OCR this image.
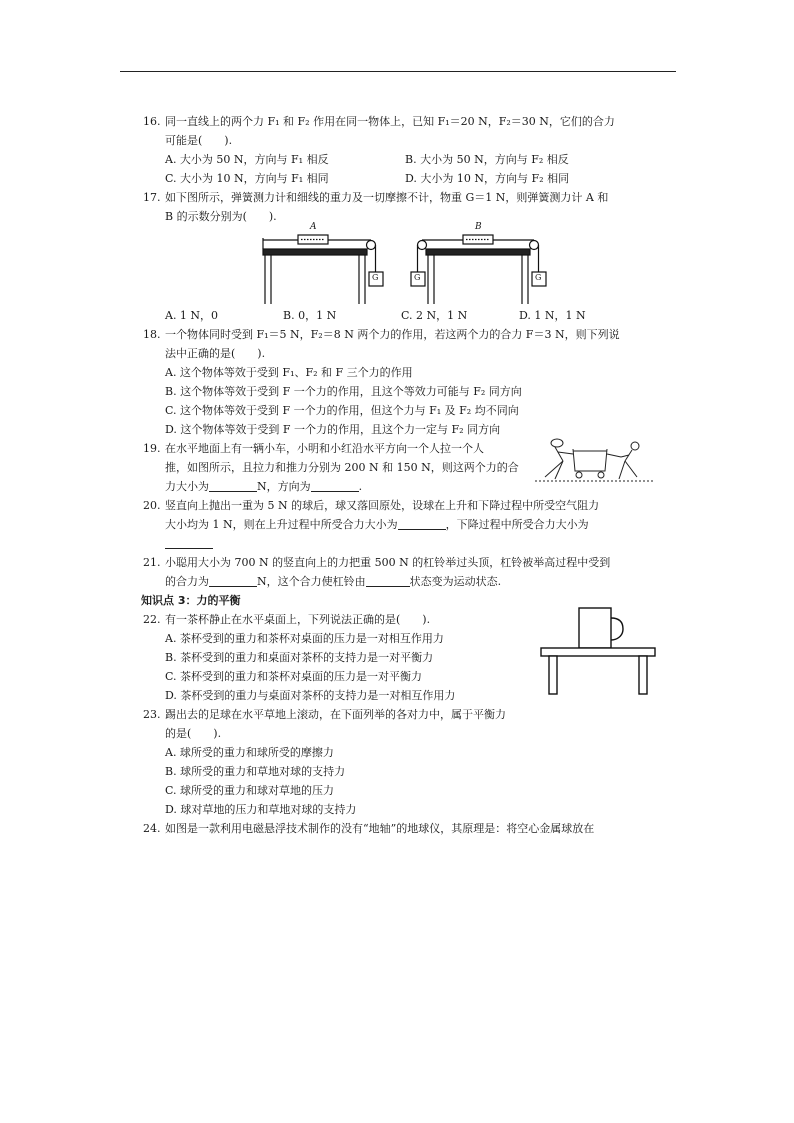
16. 同一直线上的两个力 F₁ 和 F₂ 作用在同一物体上，已知 F₁＝20 N，F₂＝30 N，它们的合力
可能是(　　).
A. 大小为 50 N，方向与 F₁ 相反	B. 大小为 50 N，方向与 F₂ 相反
C. 大小为 10 N，方向与 F₁ 相同	D. 大小为 10 N，方向与 F₂ 相同
17. 如下图所示，弹簧测力计和细线的重力及一切摩擦不计，物重 G＝1 N，则弹簧测力计 A 和
B 的示数分别为(　　).
A	B
G	G	G
A. 1 N，0	B. 0，1 N	C. 2 N，1 N	D. 1 N，1 N
18. 一个物体同时受到 F₁＝5 N，F₂＝8 N 两个力的作用，若这两个力的合力 F＝3 N，则下列说
法中正确的是(　　).
A. 这个物体等效于受到 F₁、F₂ 和 F 三个力的作用
B. 这个物体等效于受到 F 一个力的作用，且这个等效力可能与 F₂ 同方向
C. 这个物体等效于受到 F 一个力的作用，但这个力与 F₁ 及 F₂ 均不同向
D. 这个物体等效于受到 F 一个力的作用，且这个力一定与 F₂ 同方向
19. 在水平地面上有一辆小车，小明和小红沿水平方向一个人拉一个人
推，如图所示，且拉力和推力分别为 200 N 和 150 N，则这两个力的合
力大小为	N，方向为	.
20. 竖直向上抛出一重为 5 N 的球后，球又落回原处，设球在上升和下降过程中所受空气阻力
大小均为 1 N，则在上升过程中所受合力大小为	，下降过程中所受合力大小为
21. 小聪用大小为 700 N 的竖直向上的力把重 500 N 的杠铃举过头顶，杠铃被举高过程中受到
的合力为	N，这个合力使杠铃由	状态变为运动状态.
知识点 3：力的平衡
22. 有一茶杯静止在水平桌面上，下列说法正确的是(　　).
A. 茶杯受到的重力和茶杯对桌面的压力是一对相互作用力
B. 茶杯受到的重力和桌面对茶杯的支持力是一对平衡力
C. 茶杯受到的重力和茶杯对桌面的压力是一对平衡力
D. 茶杯受到的重力与桌面对茶杯的支持力是一对相互作用力
23. 踢出去的足球在水平草地上滚动，在下面列举的各对力中，属于平衡力
的是(　　).
A. 球所受的重力和球所受的摩擦力
B. 球所受的重力和草地对球的支持力
C. 球所受的重力和球对草地的压力
D. 球对草地的压力和草地对球的支持力
24. 如图是一款利用电磁悬浮技术制作的没有“地轴”的地球仪，其原理是：将空心金属球放在
